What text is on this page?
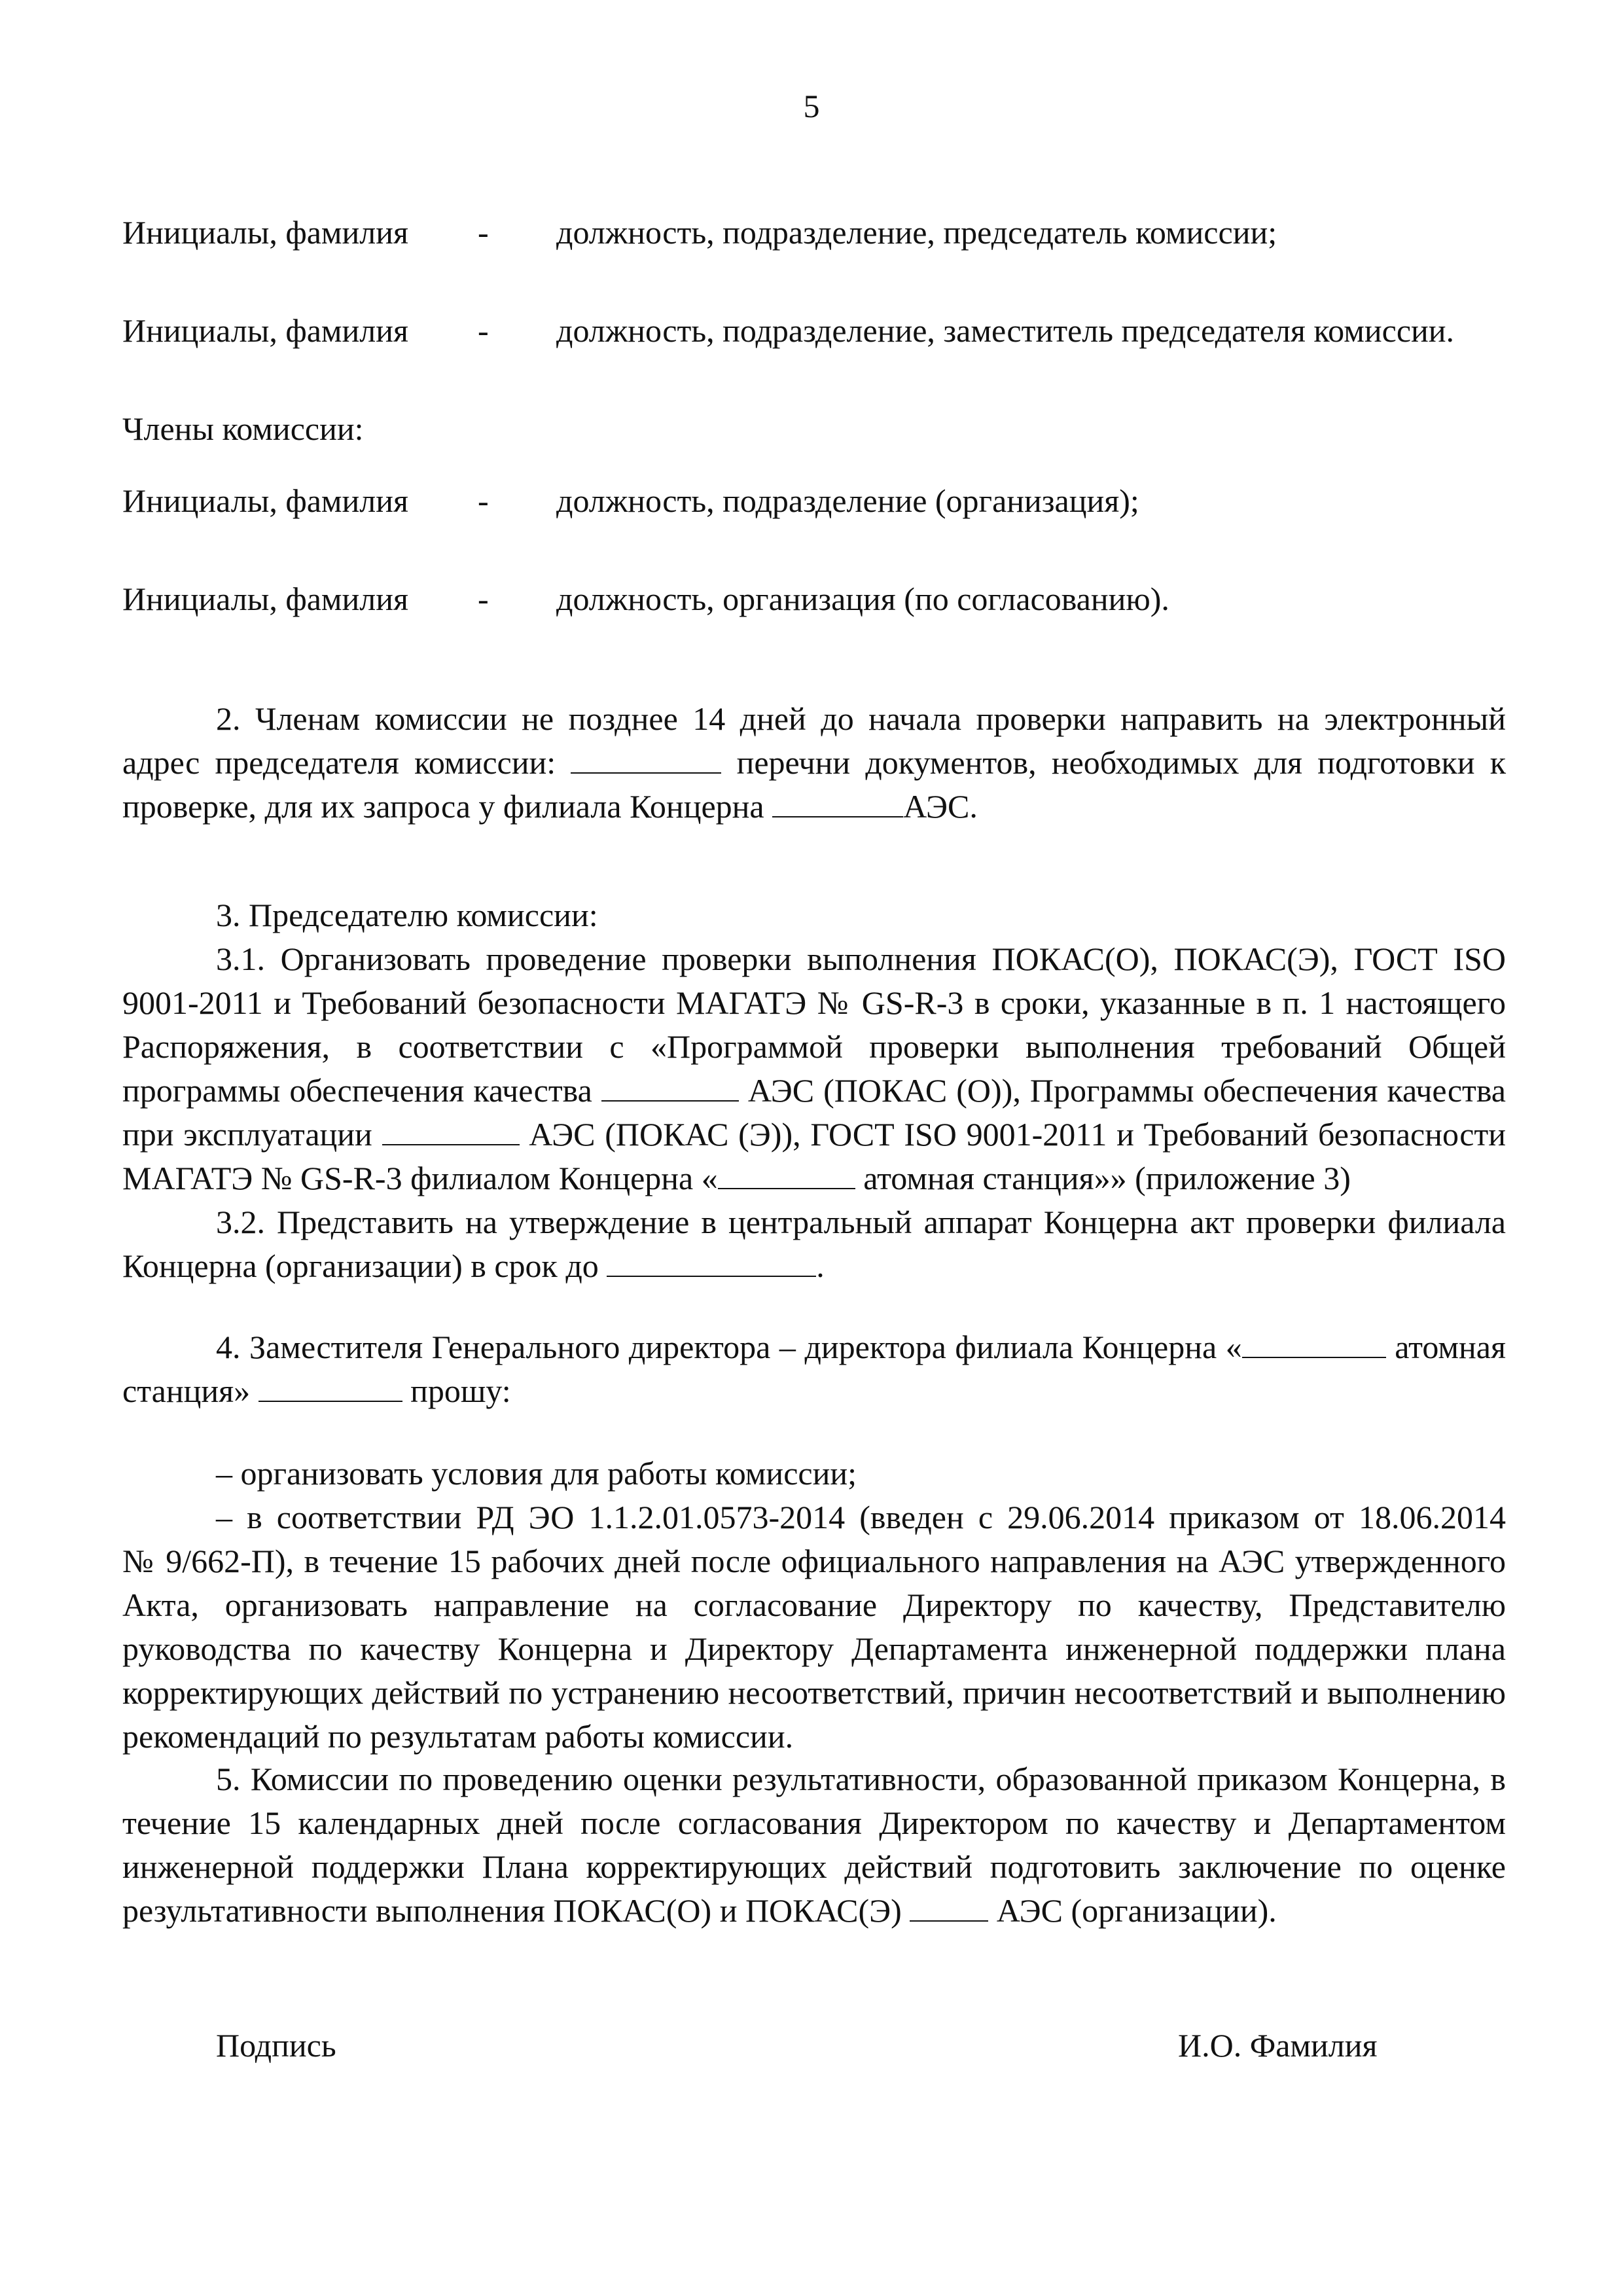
5
Инициалы, фамилия - должность, подразделение, председатель комиссии;
Инициалы, фамилия - должность, подразделение, заместитель председателя комиссии.
Члены комиссии:
Инициалы, фамилия - должность, подразделение (организация);
Инициалы, фамилия - должность, организация (по согласованию).
2. Членам комиссии не позднее 14 дней до начала проверки направить на электронный
адрес председателя комиссии:	перечни документов, необходимых для подготовки к
проверке, для их запроса у филиала Концерна	АЭС.
3. Председателю комиссии:
3.1. Организовать проведение проверки выполнения ПОКАС(О), ПОКАС(Э), ГОСТ ISO
9001-2011 и Требований безопасности МАГАТЭ № GS-R-3 в сроки, указанные в п. 1 настоящего
Распоряжения, в соответствии с «Программой проверки выполнения требований Общей
программы обеспечения качества	АЭС (ПОКАС (О)), Программы обеспечения качества
при эксплуатации	АЭС (ПОКАС (Э)), ГОСТ ISO 9001-2011 и Требований безопасности
МАГАТЭ № GS-R-3 филиалом Концерна «	атомная станция»» (приложение 3)
3.2. Представить на утверждение в центральный аппарат Концерна акт проверки филиала
Концерна (организации) в срок до	.
4. Заместителя Генерального директора – директора филиала Концерна «	атомная
станция»	прошу:
– организовать условия для работы комиссии;
– в соответствии РД ЭО 1.1.2.01.0573-2014 (введен с 29.06.2014 приказом от 18.06.2014
№ 9/662-П), в течение 15 рабочих дней после официального направления на АЭС утвержденного
Акта, организовать направление на согласование Директору по качеству, Представителю
руководства по качеству Концерна и Директору Департамента инженерной поддержки плана
корректирующих действий по устранению несоответствий, причин несоответствий и выполнению
рекомендаций по результатам работы комиссии.
5. Комиссии по проведению оценки результативности, образованной приказом Концерна, в
течение 15 календарных дней после согласования Директором по качеству и Департаментом
инженерной поддержки Плана корректирующих действий подготовить заключение по оценке
результативности выполнения ПОКАС(О) и ПОКАС(Э)	АЭС (организации).
Подпись	И.О. Фамилия
